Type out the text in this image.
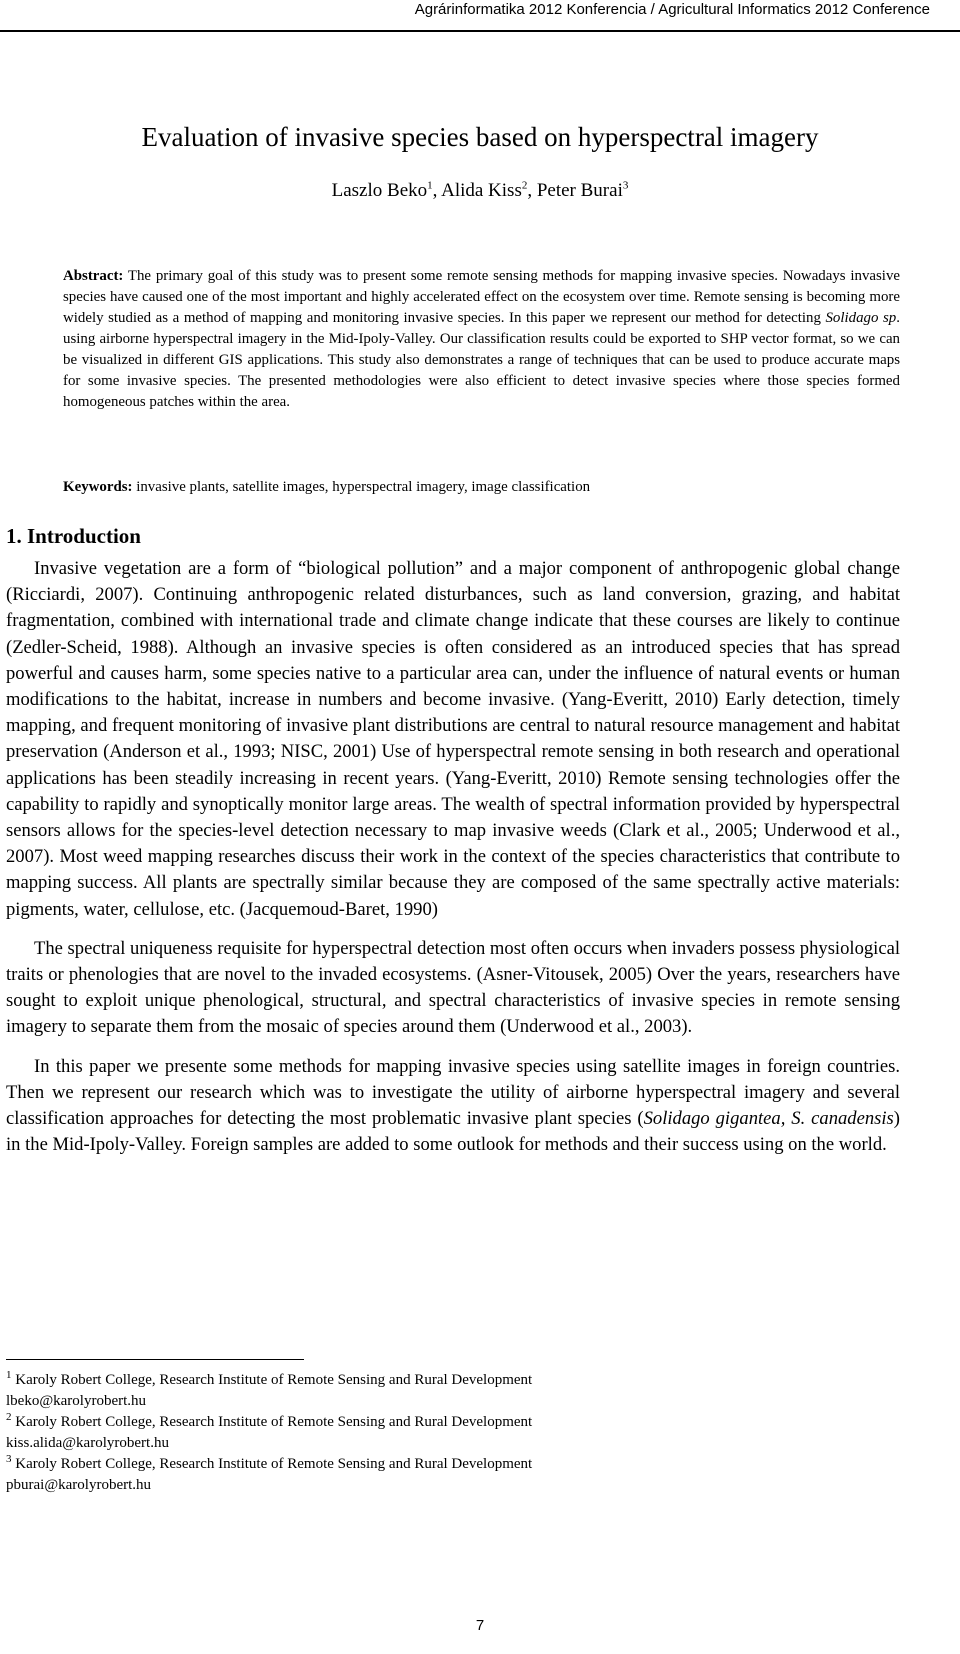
Agrárinformatika 2012 Konferencia / Agricultural Informatics 2012 Conference
Evaluation of invasive species based on hyperspectral imagery
Laszlo Beko$^1$, Alida Kiss$^2$, Peter Burai$^3$
Abstract: The primary goal of this study was to present some remote sensing methods for mapping invasive species. Nowadays invasive species have caused one of the most important and highly accelerated effect on the ecosystem over time. Remote sensing is becoming more widely studied as a method of mapping and monitoring invasive species. In this paper we represent our method for detecting Solidago sp. using airborne hyperspectral imagery in the Mid-Ipoly-Valley. Our classification results could be exported to SHP vector format, so we can be visualized in different GIS applications. This study also demonstrates a range of techniques that can be used to produce accurate maps for some invasive species. The presented methodologies were also efficient to detect invasive species where those species formed homogeneous patches within the area.
Keywords: invasive plants, satellite images, hyperspectral imagery, image classification
1. Introduction

Invasive vegetation are a form of “biological pollution” and a major component of anthropogenic global change (Ricciardi, 2007). Continuing anthropogenic related disturbances, such as land conversion, grazing, and habitat fragmentation, combined with international trade and climate change indicate that these courses are likely to continue (Zedler-Scheid, 1988). Although an invasive species is often considered as an introduced species that has spread powerful and causes harm, some species native to a particular area can, under the influence of natural events or human modifications to the habitat, increase in numbers and become invasive. (Yang-Everitt, 2010) Early detection, timely mapping, and frequent monitoring of invasive plant distributions are central to natural resource management and habitat preservation (Anderson et al., 1993; NISC, 2001) Use of hyperspectral remote sensing in both research and operational applications has been steadily increasing in recent years. (Yang-Everitt, 2010) Remote sensing technologies offer the capability to rapidly and synoptically monitor large areas. The wealth of spectral information provided by hyperspectral sensors allows for the species-level detection necessary to map invasive weeds (Clark et al., 2005; Underwood et al., 2007). Most weed mapping researches discuss their work in the context of the species characteristics that contribute to mapping success. All plants are spectrally similar because they are composed of the same spectrally active materials: pigments, water, cellulose, etc. (Jacquemoud-Baret, 1990)

The spectral uniqueness requisite for hyperspectral detection most often occurs when invaders possess physiological traits or phenologies that are novel to the invaded ecosystems. (Asner-Vitousek, 2005) Over the years, researchers have sought to exploit unique phenological, structural, and spectral characteristics of invasive species in remote sensing imagery to separate them from the mosaic of species around them (Underwood et al., 2003).

In this paper we presente some methods for mapping invasive species using satellite images in foreign countries. Then we represent our research which was to investigate the utility of airborne hyperspectral imagery and several classification approaches for detecting the most problematic invasive plant species (Solidago gigantea, S. canadensis) in the Mid-Ipoly-Valley. Foreign samples are added to some outlook for methods and their success using on the world.

$^1$ Karoly Robert College, Research Institute of Remote Sensing and Rural Development
lbeko@karolyrobert.hu
$^2$ Karoly Robert College, Research Institute of Remote Sensing and Rural Development
kiss.alida@karolyrobert.hu
$^3$ Karoly Robert College, Research Institute of Remote Sensing and Rural Development
pburai@karolyrobert.hu
7
